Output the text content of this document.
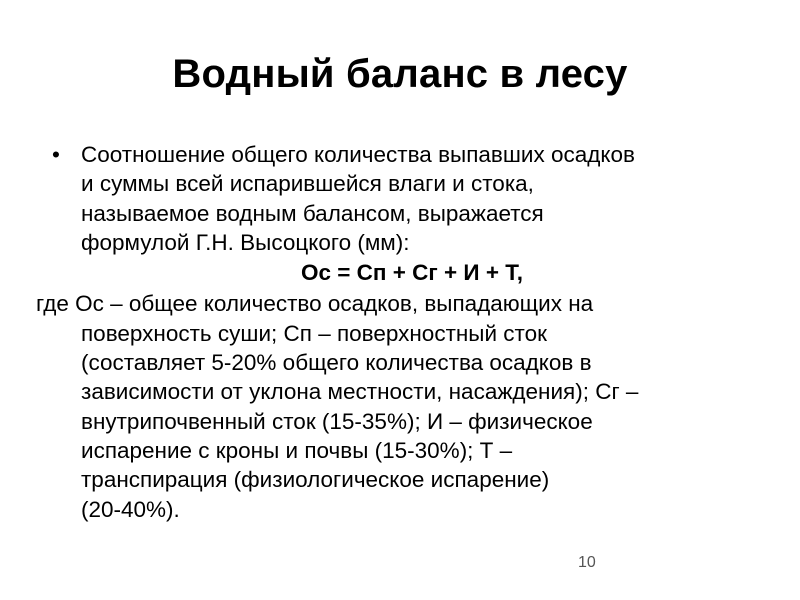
Водный баланс в лесу
• Соотношение общего количества выпавших осадков
и суммы всей испарившейся влаги и стока,
называемое водным балансом, выражается
формулой Г.Н. Высоцкого (мм):
Ос = Сп + Сг + И + Т,
где Ос – общее количество осадков, выпадающих на
поверхность суши; Сп – поверхностный сток
(составляет 5-20% общего количества осадков в
зависимости от уклона местности, насаждения); Сг –
внутрипочвенный сток (15-35%); И – физическое
испарение с кроны и почвы (15-30%); Т –
транспирация (физиологическое испарение)
(20-40%).
10
